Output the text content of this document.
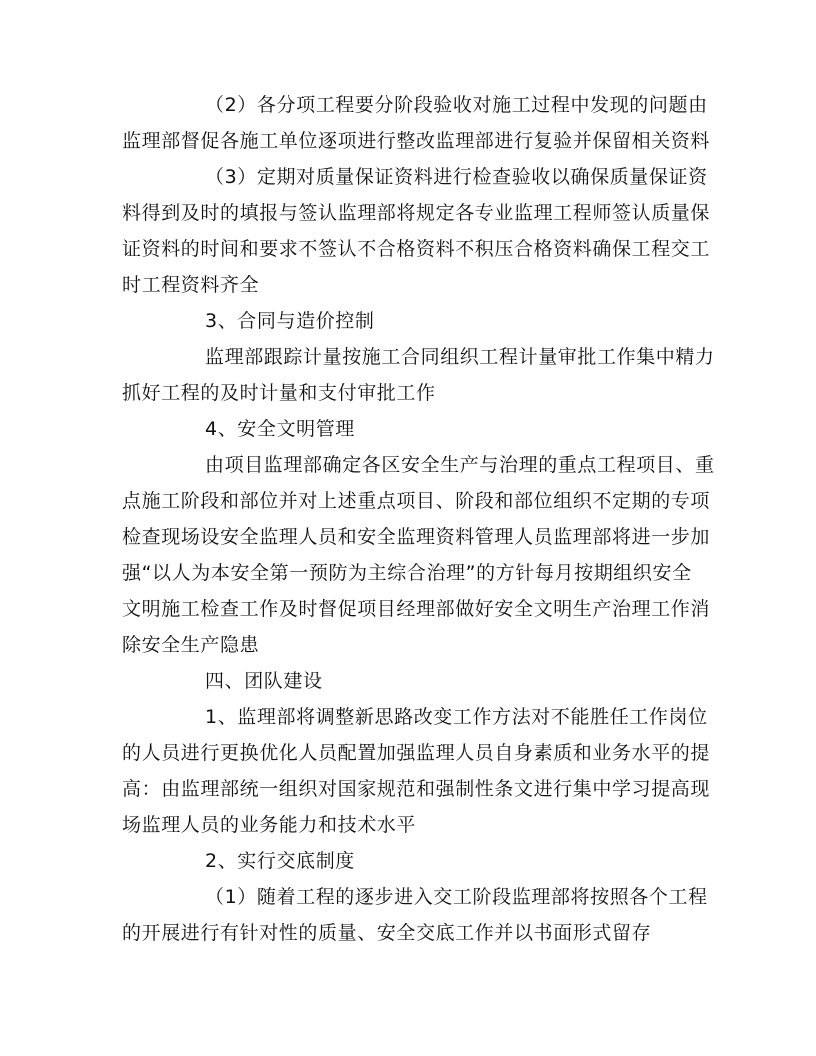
（2）各分项工程要分阶段验收对施工过程中发现的问题由
监理部督促各施工单位逐项进行整改监理部进行复验并保留相关资料
（3）定期对质量保证资料进行检查验收以确保质量保证资
料得到及时的填报与签认监理部将规定各专业监理工程师签认质量保
证资料的时间和要求不签认不合格资料不积压合格资料确保工程交工
时工程资料齐全
3、合同与造价控制
监理部跟踪计量按施工合同组织工程计量审批工作集中精力
抓好工程的及时计量和支付审批工作
4、安全文明管理
由项目监理部确定各区安全生产与治理的重点工程项目、重
点施工阶段和部位并对上述重点项目、阶段和部位组织不定期的专项
检查现场设安全监理人员和安全监理资料管理人员监理部将进一步加
强“以人为本安全第一预防为主综合治理”的方针每月按期组织安全
文明施工检查工作及时督促项目经理部做好安全文明生产治理工作消
除安全生产隐患
四、团队建设
1、监理部将调整新思路改变工作方法对不能胜任工作岗位
的人员进行更换优化人员配置加强监理人员自身素质和业务水平的提
高：由监理部统一组织对国家规范和强制性条文进行集中学习提高现
场监理人员的业务能力和技术水平
2、实行交底制度
（1）随着工程的逐步进入交工阶段监理部将按照各个工程
的开展进行有针对性的质量、安全交底工作并以书面形式留存
